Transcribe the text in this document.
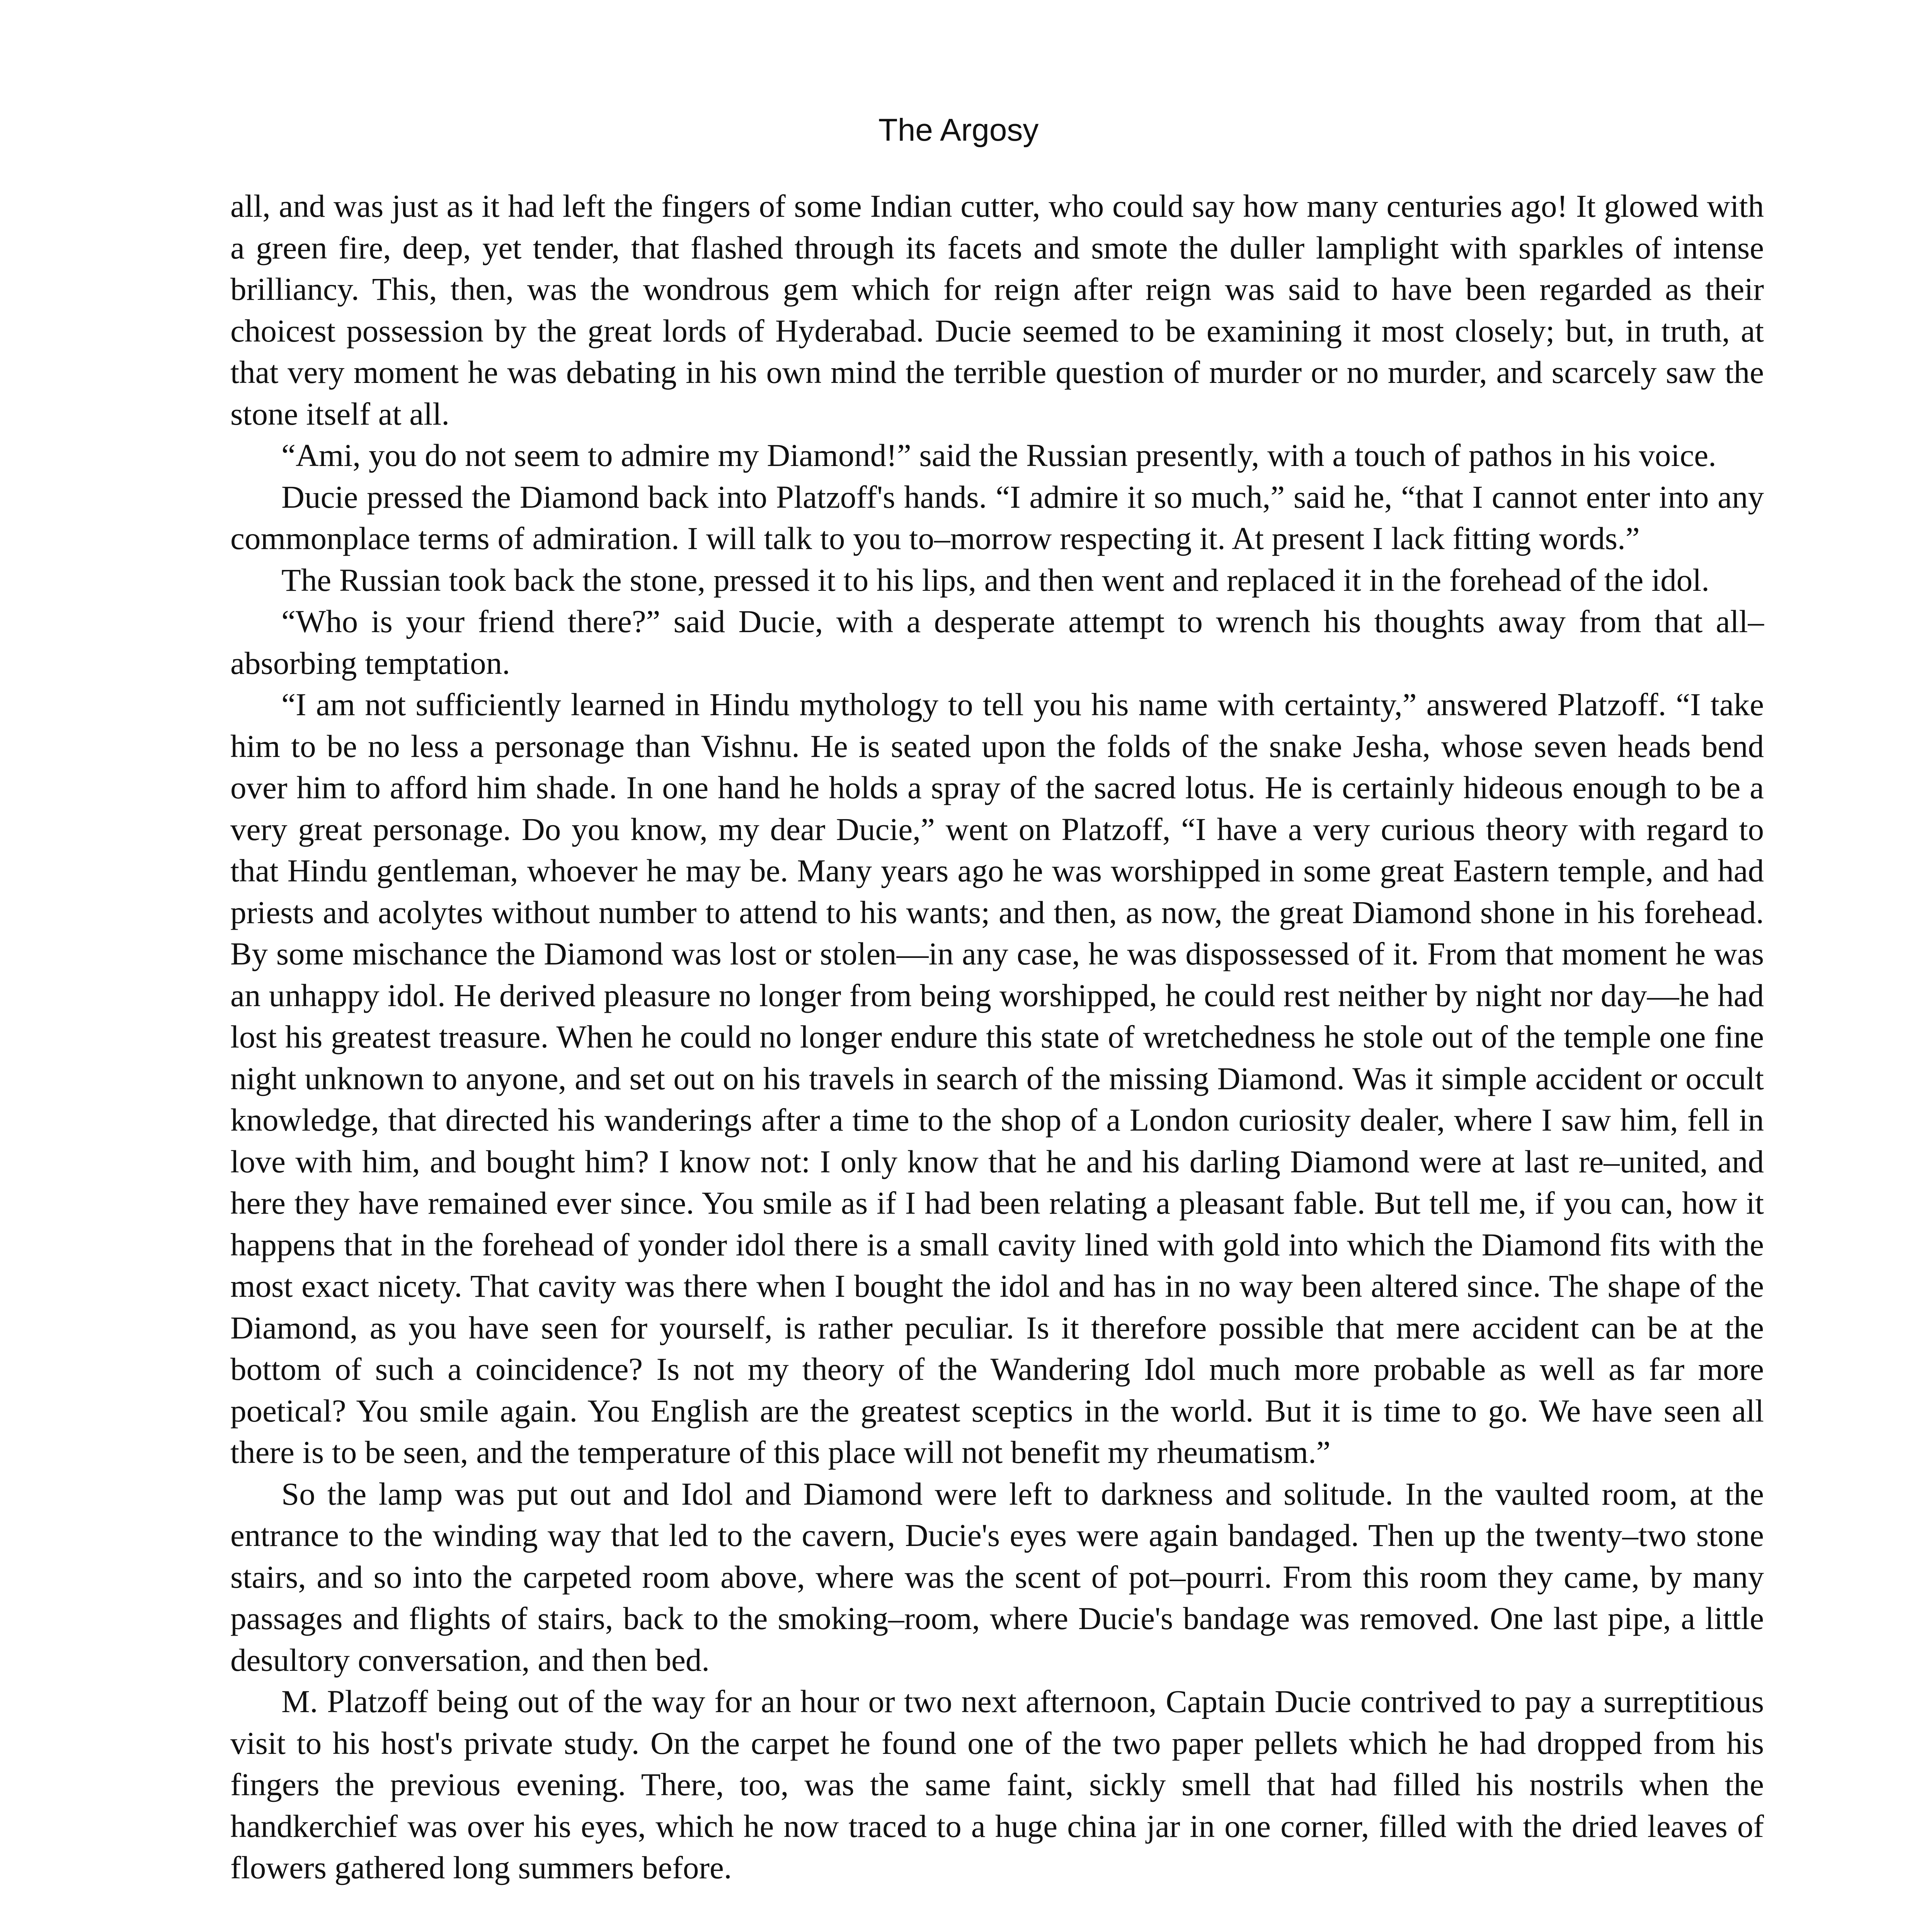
The Argosy

all, and was just as it had left the fingers of some Indian cutter, who could say how many centuries ago! It glowed with a green fire, deep, yet tender, that flashed through its facets and smote the duller lamplight with sparkles of intense brilliancy. This, then, was the wondrous gem which for reign after reign was said to have been regarded as their choicest possession by the great lords of Hyderabad. Ducie seemed to be examining it most closely; but, in truth, at that very moment he was debating in his own mind the terrible question of murder or no murder, and scarcely saw the stone itself at all.

“Ami, you do not seem to admire my Diamond!” said the Russian presently, with a touch of pathos in his voice.

Ducie pressed the Diamond back into Platzoff's hands. “I admire it so much,” said he, “that I cannot enter into any commonplace terms of admiration. I will talk to you to–morrow respecting it. At present I lack fitting words.”

The Russian took back the stone, pressed it to his lips, and then went and replaced it in the forehead of the idol.

“Who is your friend there?” said Ducie, with a desperate attempt to wrench his thoughts away from that all–absorbing temptation.

“I am not sufficiently learned in Hindu mythology to tell you his name with certainty,” answered Platzoff. “I take him to be no less a personage than Vishnu. He is seated upon the folds of the snake Jesha, whose seven heads bend over him to afford him shade. In one hand he holds a spray of the sacred lotus. He is certainly hideous enough to be a very great personage. Do you know, my dear Ducie,” went on Platzoff, “I have a very curious theory with regard to that Hindu gentleman, whoever he may be. Many years ago he was worshipped in some great Eastern temple, and had priests and acolytes without number to attend to his wants; and then, as now, the great Diamond shone in his forehead. By some mischance the Diamond was lost or stolen—in any case, he was dispossessed of it. From that moment he was an unhappy idol. He derived pleasure no longer from being worshipped, he could rest neither by night nor day—he had lost his greatest treasure. When he could no longer endure this state of wretchedness he stole out of the temple one fine night unknown to anyone, and set out on his travels in search of the missing Diamond. Was it simple accident or occult knowledge, that directed his wanderings after a time to the shop of a London curiosity dealer, where I saw him, fell in love with him, and bought him? I know not: I only know that he and his darling Diamond were at last re–united, and here they have remained ever since. You smile as if I had been relating a pleasant fable. But tell me, if you can, how it happens that in the forehead of yonder idol there is a small cavity lined with gold into which the Diamond fits with the most exact nicety. That cavity was there when I bought the idol and has in no way been altered since. The shape of the Diamond, as you have seen for yourself, is rather peculiar. Is it therefore possible that mere accident can be at the bottom of such a coincidence? Is not my theory of the Wandering Idol much more probable as well as far more poetical? You smile again. You English are the greatest sceptics in the world. But it is time to go. We have seen all there is to be seen, and the temperature of this place will not benefit my rheumatism.”

So the lamp was put out and Idol and Diamond were left to darkness and solitude. In the vaulted room, at the entrance to the winding way that led to the cavern, Ducie's eyes were again bandaged. Then up the twenty–two stone stairs, and so into the carpeted room above, where was the scent of pot–pourri. From this room they came, by many passages and flights of stairs, back to the smoking–room, where Ducie's bandage was removed. One last pipe, a little desultory conversation, and then bed.

M. Platzoff being out of the way for an hour or two next afternoon, Captain Ducie contrived to pay a surreptitious visit to his host's private study. On the carpet he found one of the two paper pellets which he had dropped from his fingers the previous evening. There, too, was the same faint, sickly smell that had filled his nostrils when the handkerchief was over his eyes, which he now traced to a huge china jar in one corner, filled with the dried leaves of flowers gathered long summers before.
